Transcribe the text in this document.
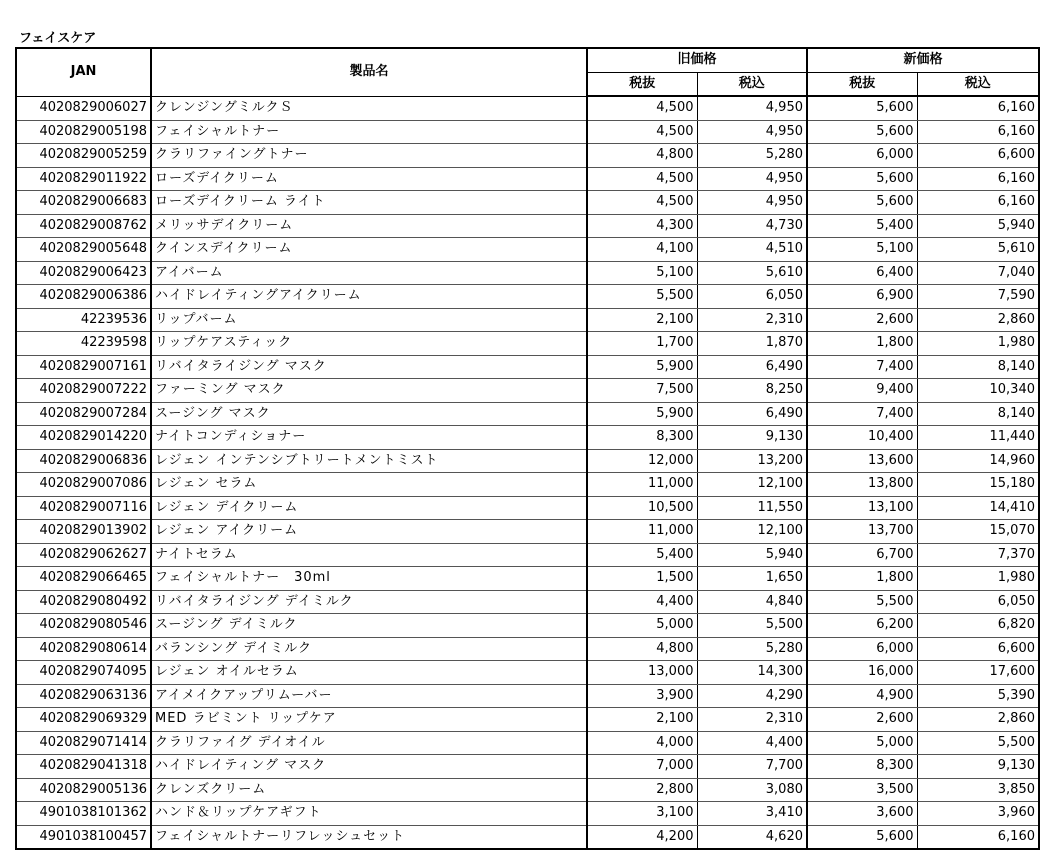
フェイスケア
JAN	製品名	旧価格		新価格	
		税抜	税込	税抜	税込
4020829006027	クレンジングミルクＳ	4,500	4,950	5,600	6,160
4020829005198	フェイシャルトナー	4,500	4,950	5,600	6,160
4020829005259	クラリファイングトナー	4,800	5,280	6,000	6,600
4020829011922	ローズデイクリーム	4,500	4,950	5,600	6,160
4020829006683	ローズデイクリーム ライト	4,500	4,950	5,600	6,160
4020829008762	メリッサデイクリーム	4,300	4,730	5,400	5,940
4020829005648	クインスデイクリーム	4,100	4,510	5,100	5,610
4020829006423	アイバーム	5,100	5,610	6,400	7,040
4020829006386	ハイドレイティングアイクリーム	5,500	6,050	6,900	7,590
42239536	リップバーム	2,100	2,310	2,600	2,860
42239598	リップケアスティック	1,700	1,870	1,800	1,980
4020829007161	リバイタライジング マスク	5,900	6,490	7,400	8,140
4020829007222	ファーミング マスク	7,500	8,250	9,400	10,340
4020829007284	スージング マスク	5,900	6,490	7,400	8,140
4020829014220	ナイトコンディショナー	8,300	9,130	10,400	11,440
4020829006836	レジェン インテンシブトリートメントミスト	12,000	13,200	13,600	14,960
4020829007086	レジェン セラム	11,000	12,100	13,800	15,180
4020829007116	レジェン デイクリーム	10,500	11,550	13,100	14,410
4020829013902	レジェン アイクリーム	11,000	12,100	13,700	15,070
4020829062627	ナイトセラム	5,400	5,940	6,700	7,370
4020829066465	フェイシャルトナー　30ml	1,500	1,650	1,800	1,980
4020829080492	リバイタライジング デイミルク	4,400	4,840	5,500	6,050
4020829080546	スージング デイミルク	5,000	5,500	6,200	6,820
4020829080614	バランシング デイミルク	4,800	5,280	6,000	6,600
4020829074095	レジェン オイルセラム	13,000	14,300	16,000	17,600
4020829063136	アイメイクアップリムーバー	3,900	4,290	4,900	5,390
4020829069329	MED ラビミント リップケア	2,100	2,310	2,600	2,860
4020829071414	クラリファイグ デイオイル	4,000	4,400	5,000	5,500
4020829041318	ハイドレイティング マスク	7,000	7,700	8,300	9,130
4020829005136	クレンズクリーム	2,800	3,080	3,500	3,850
4901038101362	ハンド＆リップケアギフト	3,100	3,410	3,600	3,960
4901038100457	フェイシャルトナーリフレッシュセット	4,200	4,620	5,600	6,160
